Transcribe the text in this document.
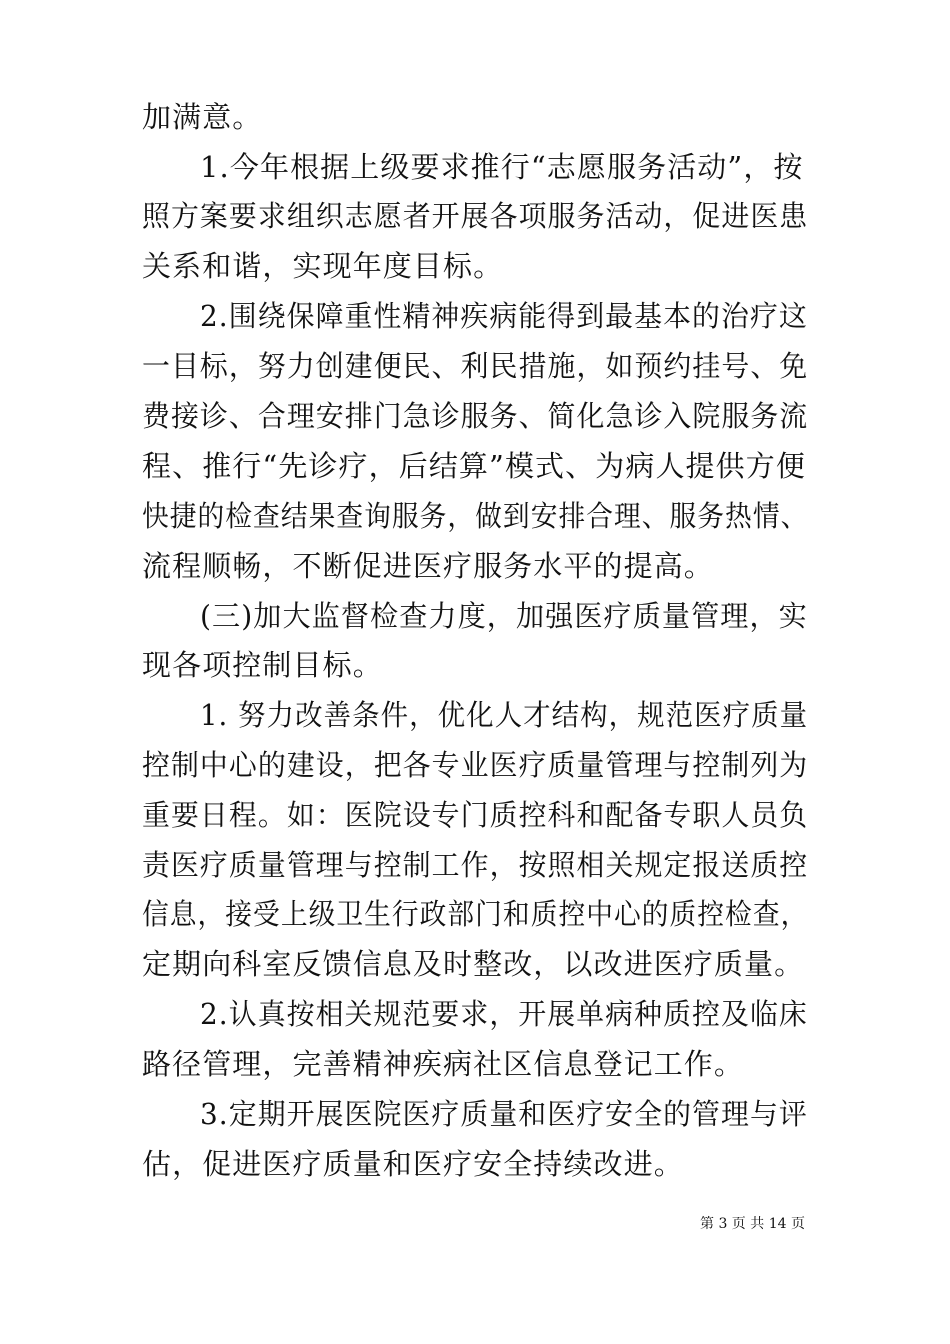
加满意。
1.今年根据上级要求推行“志愿服务活动”，按
照方案要求组织志愿者开展各项服务活动，促进医患
关系和谐，实现年度目标。
2.围绕保障重性精神疾病能得到最基本的治疗这
一目标，努力创建便民、利民措施，如预约挂号、免
费接诊、合理安排门急诊服务、简化急诊入院服务流
程、推行“先诊疗，后结算”模式、为病人提供方便
快捷的检查结果查询服务，做到安排合理、服务热情、
流程顺畅，不断促进医疗服务水平的提高。
(三)加大监督检查力度，加强医疗质量管理，实
现各项控制目标。
1. 努力改善条件，优化人才结构，规范医疗质量
控制中心的建设，把各专业医疗质量管理与控制列为
重要日程。如：医院设专门质控科和配备专职人员负
责医疗质量管理与控制工作，按照相关规定报送质控
信息，接受上级卫生行政部门和质控中心的质控检查，
定期向科室反馈信息及时整改，以改进医疗质量。
2.认真按相关规范要求，开展单病种质控及临床
路径管理，完善精神疾病社区信息登记工作。
3.定期开展医院医疗质量和医疗安全的管理与评
估，促进医疗质量和医疗安全持续改进。
第 3 页 共 14 页
